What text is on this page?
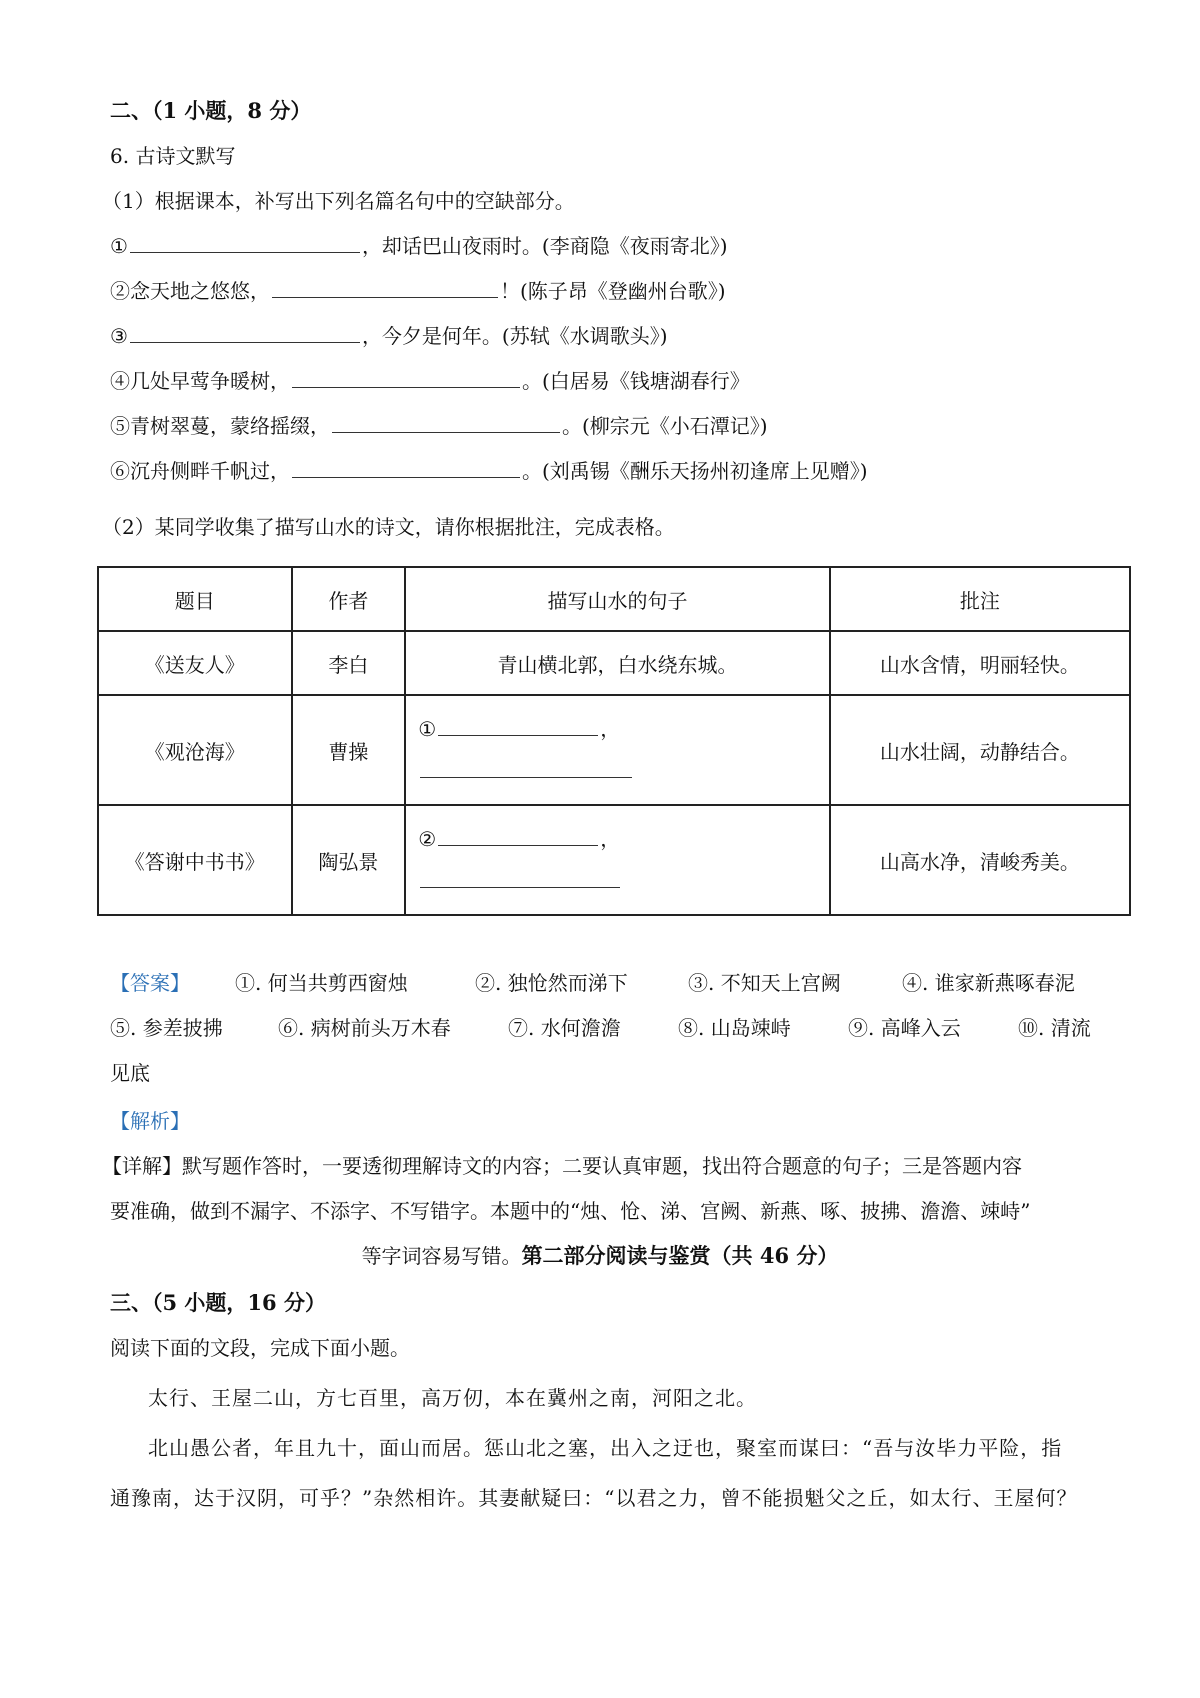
二、（1 小题，8 分）
6. 古诗文默写
（1）根据课本，补写出下列名篇名句中的空缺部分。
①	，却话巴山夜雨时。(李商隐《夜雨寄北》)
②念天地之悠悠，	！(陈子昂《登幽州台歌》)
③	，今夕是何年。(苏轼《水调歌头》)
④几处早莺争暖树，	。(白居易《钱塘湖春行》
⑤青树翠蔓，蒙络摇缀，	。(柳宗元《小石潭记》)
⑥沉舟侧畔千帆过，	。(刘禹锡《酬乐天扬州初逢席上见赠》)
（2）某同学收集了描写山水的诗文，请你根据批注，完成表格。
题目	作者	描写山水的句子	批注
《送友人》	李白	青山横北郭，白水绕东城。	山水含情，明丽轻快。
《观沧海》	曹操	① ，	山水壮阔，动静结合。
《答谢中书书》	陶弘景	② ，	山高水净，清峻秀美。
【答案】 ①. 何当共剪西窗烛	②. 独怆然而涕下	③. 不知天上宫阙	④. 谁家新燕啄春泥
⑤. 参差披拂	⑥. 病树前头万木春	⑦. 水何澹澹	⑧. 山岛竦峙	⑨. 高峰入云	⑩. 清流
见底
【解析】
【详解】默写题作答时，一要透彻理解诗文的内容；二要认真审题，找出符合题意的句子；三是答题内容
要准确，做到不漏字、不添字、不写错字。本题中的“烛、怆、涕、宫阙、新燕、啄、披拂、澹澹、竦峙”
等字词容易写错。第二部分阅读与鉴赏（共 46 分）
三、（5 小题，16 分）
阅读下面的文段，完成下面小题。
太行、王屋二山，方七百里，高万仞，本在冀州之南，河阳之北。
北山愚公者，年且九十，面山而居。惩山北之塞，出入之迂也，聚室而谋曰：“吾与汝毕力平险，指
通豫南，达于汉阴，可乎？”杂然相许。其妻献疑曰：“以君之力，曾不能损魁父之丘，如太行、王屋何？
